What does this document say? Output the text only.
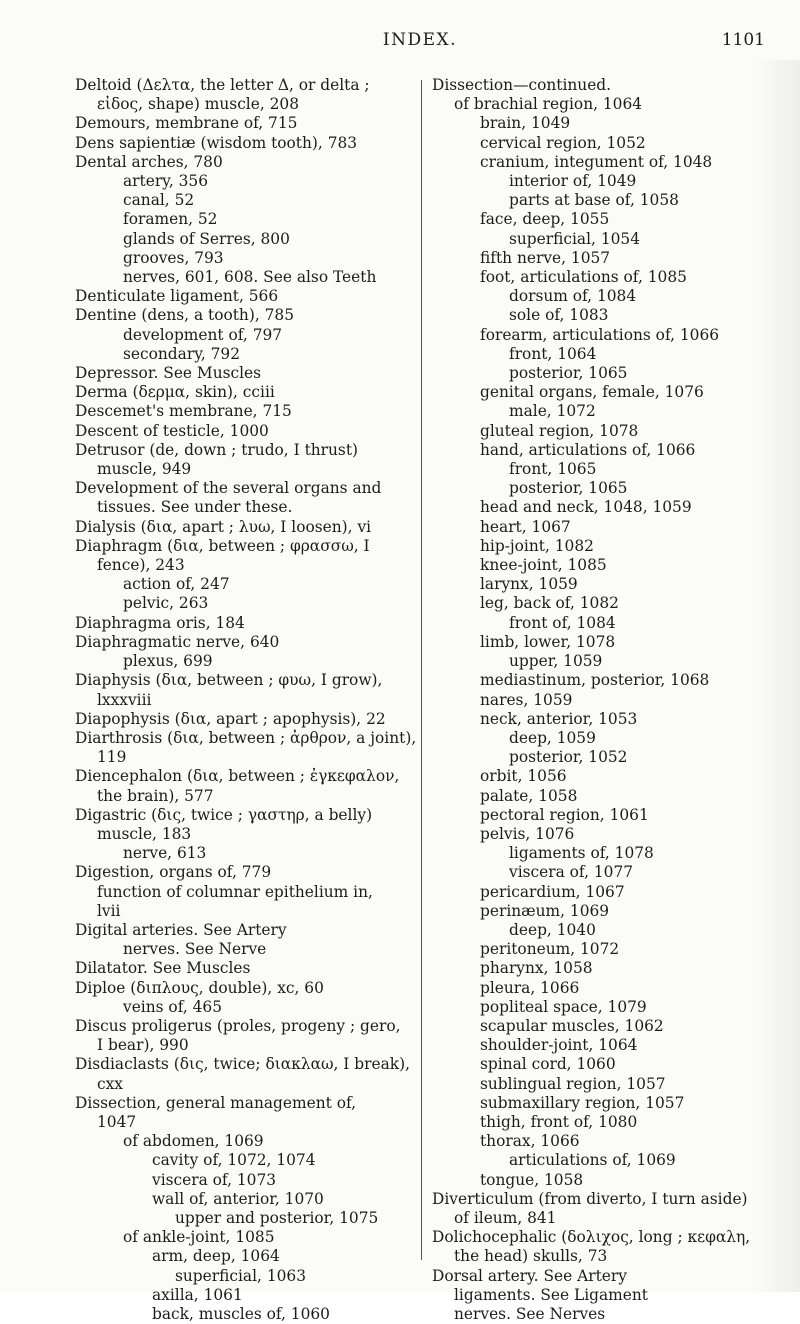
INDEX.	1101
Deltoid (Δελτα, the letter Δ, or delta ;
εἰδος, shape) muscle, 208
Demours, membrane of, 715
Dens sapientiæ (wisdom tooth), 783
Dental arches, 780
artery, 356
canal, 52
foramen, 52
glands of Serres, 800
grooves, 793
nerves, 601, 608. See also Teeth
Denticulate ligament, 566
Dentine (dens, a tooth), 785
development of, 797
secondary, 792
Depressor. See Muscles
Derma (δερμα, skin), cciii
Descemet's membrane, 715
Descent of testicle, 1000
Detrusor (de, down ; trudo, I thrust)
muscle, 949
Development of the several organs and
tissues. See under these.
Dialysis (δια, apart ; λυω, I loosen), vi
Diaphragm (δια, between ; φρασσω, I
fence), 243
action of, 247
pelvic, 263
Diaphragma oris, 184
Diaphragmatic nerve, 640
plexus, 699
Diaphysis (δια, between ; φυω, I grow),
lxxxviii
Diapophysis (δια, apart ; apophysis), 22
Diarthrosis (δια, between ; ἀρθρον, a joint),
119
Diencephalon (δια, between ; ἐγκεφαλον,
the brain), 577
Digastric (δις, twice ; γαστηρ, a belly)
muscle, 183
nerve, 613
Digestion, organs of, 779
function of columnar epithelium in,
lvii
Digital arteries. See Artery
nerves. See Nerve
Dilatator. See Muscles
Diploe (διπλους, double), xc, 60
veins of, 465
Discus proligerus (proles, progeny ; gero,
I bear), 990
Disdiaclasts (δις, twice; διακλαω, I break),
cxx
Dissection, general management of,
1047
of abdomen, 1069
cavity of, 1072, 1074
viscera of, 1073
wall of, anterior, 1070
upper and posterior, 1075
of ankle-joint, 1085
arm, deep, 1064
superficial, 1063
axilla, 1061
back, muscles of, 1060
Dissection—continued.
of brachial region, 1064
brain, 1049
cervical region, 1052
cranium, integument of, 1048
interior of, 1049
parts at base of, 1058
face, deep, 1055
superficial, 1054
fifth nerve, 1057
foot, articulations of, 1085
dorsum of, 1084
sole of, 1083
forearm, articulations of, 1066
front, 1064
posterior, 1065
genital organs, female, 1076
male, 1072
gluteal region, 1078
hand, articulations of, 1066
front, 1065
posterior, 1065
head and neck, 1048, 1059
heart, 1067
hip-joint, 1082
knee-joint, 1085
larynx, 1059
leg, back of, 1082
front of, 1084
limb, lower, 1078
upper, 1059
mediastinum, posterior, 1068
nares, 1059
neck, anterior, 1053
deep, 1059
posterior, 1052
orbit, 1056
palate, 1058
pectoral region, 1061
pelvis, 1076
ligaments of, 1078
viscera of, 1077
pericardium, 1067
perinæum, 1069
deep, 1040
peritoneum, 1072
pharynx, 1058
pleura, 1066
popliteal space, 1079
scapular muscles, 1062
shoulder-joint, 1064
spinal cord, 1060
sublingual region, 1057
submaxillary region, 1057
thigh, front of, 1080
thorax, 1066
articulations of, 1069
tongue, 1058
Diverticulum (from diverto, I turn aside)
of ileum, 841
Dolichocephalic (δολιχος, long ; κεφαλη,
the head) skulls, 73
Dorsal artery. See Artery
ligaments. See Ligament
nerves. See Nerves
